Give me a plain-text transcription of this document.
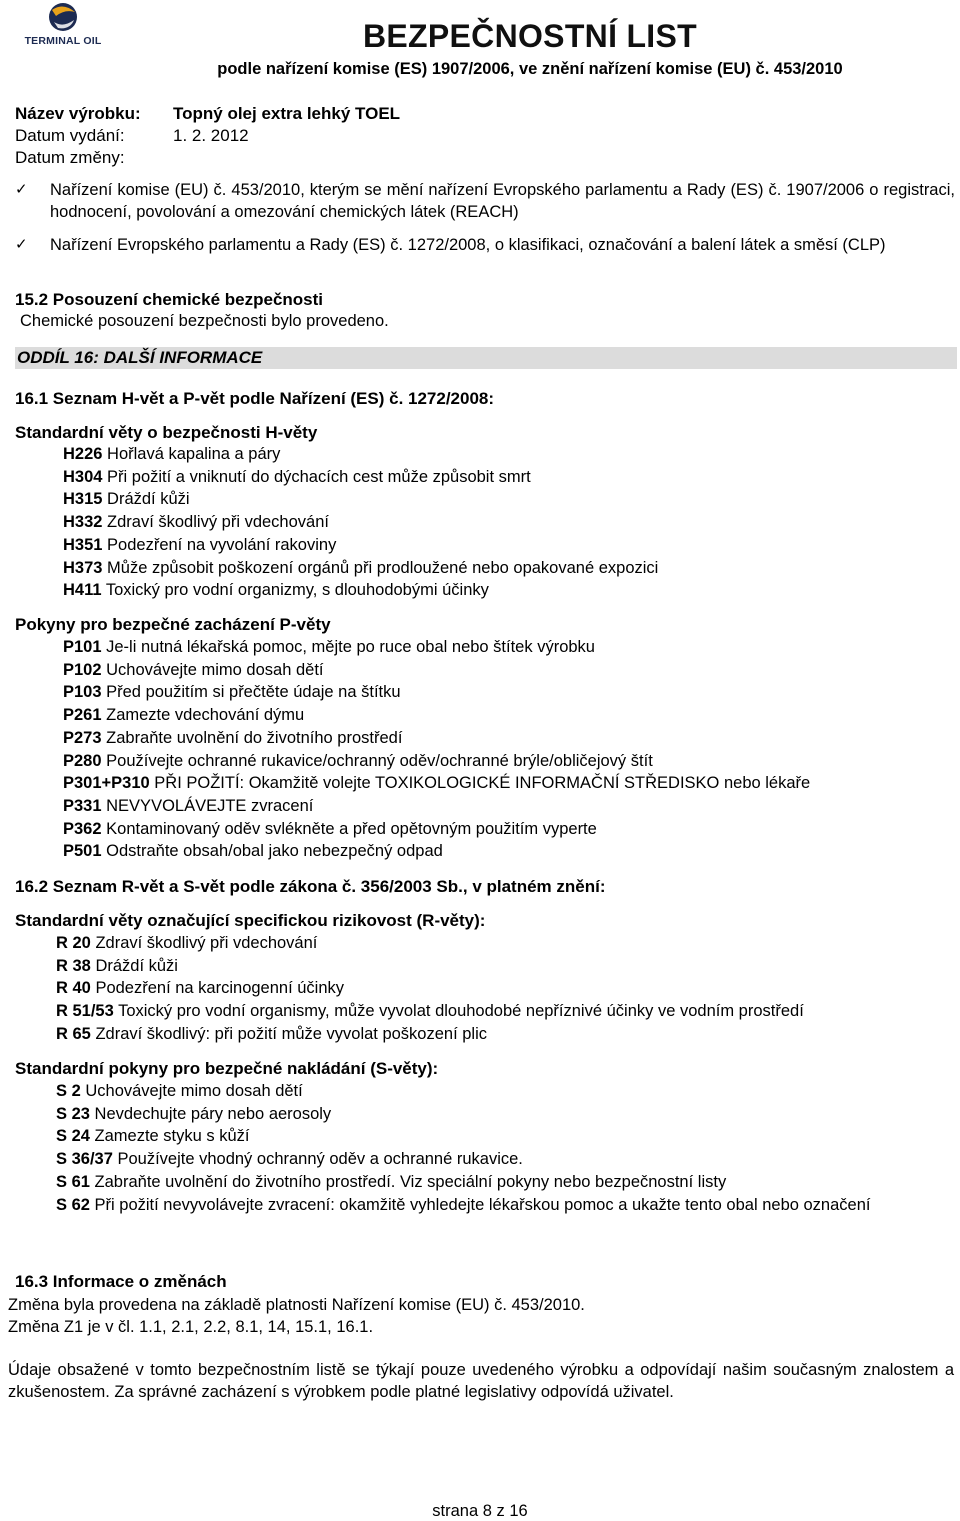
TERMINAL OIL	BEZPEČNOSTNÍ LIST
podle nařízení komise (ES) 1907/2006, ve znění nařízení komise (EU) č. 453/2010
Název výrobku: Topný olej extra lehký TOEL
Datum vydání:	1. 2. 2012
Datum změny:
✓ Nařízení komise (EU) č. 453/2010, kterým se mění nařízení Evropského parlamentu a Rady (ES) č. 1907/2006 o registraci, hodnocení, povolování a omezování chemických látek (REACH)
✓ Nařízení Evropského parlamentu a Rady (ES) č. 1272/2008, o klasifikaci, označování a balení látek a směsí (CLP)
15.2 Posouzení chemické bezpečnosti
Chemické posouzení bezpečnosti bylo provedeno.
ODDÍL 16: DALŠÍ INFORMACE
16.1 Seznam H-vět a P-vět podle Nařízení (ES) č. 1272/2008:
Standardní věty o bezpečnosti H-věty
H226 Hořlavá kapalina a páry
H304 Při požití a vniknutí do dýchacích cest může způsobit smrt
H315 Dráždí kůži
H332 Zdraví škodlivý při vdechování
H351 Podezření na vyvolání rakoviny
H373 Může způsobit poškození orgánů při prodloužené nebo opakované expozici
H411 Toxický pro vodní organizmy, s dlouhodobými účinky
Pokyny pro bezpečné zacházení P-věty
P101 Je-li nutná lékařská pomoc, mějte po ruce obal nebo štítek výrobku
P102 Uchovávejte mimo dosah dětí
P103 Před použitím si přečtěte údaje na štítku
P261 Zamezte vdechování dýmu
P273 Zabraňte uvolnění do životního prostředí
P280 Používejte ochranné rukavice/ochranný oděv/ochranné brýle/obličejový štít
P301+P310 PŘI POŽITÍ: Okamžitě volejte TOXIKOLOGICKÉ INFORMAČNÍ STŘEDISKO nebo lékaře
P331 NEVYVOLÁVEJTE zvracení
P362 Kontaminovaný oděv svlékněte a před opětovným použitím vyperte
P501 Odstraňte obsah/obal jako nebezpečný odpad
16.2 Seznam R-vět a S-vět podle zákona č. 356/2003 Sb., v platném znění:
Standardní věty označující specifickou rizikovost (R-věty):
R 20 Zdraví škodlivý při vdechování
R 38 Dráždí kůži
R 40 Podezření na karcinogenní účinky
R 51/53 Toxický pro vodní organismy, může vyvolat dlouhodobé nepříznivé účinky ve vodním prostředí
R 65 Zdraví škodlivý: při požití může vyvolat poškození plic
Standardní pokyny pro bezpečné nakládání (S-věty):
S 2 Uchovávejte mimo dosah dětí
S 23 Nevdechujte páry nebo aerosoly
S 24 Zamezte styku s kůží
S 36/37 Používejte vhodný ochranný oděv a ochranné rukavice.
S 61 Zabraňte uvolnění do životního prostředí. Viz speciální pokyny nebo bezpečnostní listy
S 62 Při požití nevyvolávejte zvracení: okamžitě vyhledejte lékařskou pomoc a ukažte tento obal nebo označení
16.3 Informace o změnách
Změna byla provedena na základě platnosti Nařízení komise (EU) č. 453/2010.
Změna Z1 je v čl. 1.1, 2.1, 2.2, 8.1, 14, 15.1, 16.1.
Údaje obsažené v tomto bezpečnostním listě se týkají pouze uvedeného výrobku a odpovídají našim současným znalostem a zkušenostem. Za správné zacházení s výrobkem podle platné legislativy odpovídá uživatel.
strana 8 z 16
